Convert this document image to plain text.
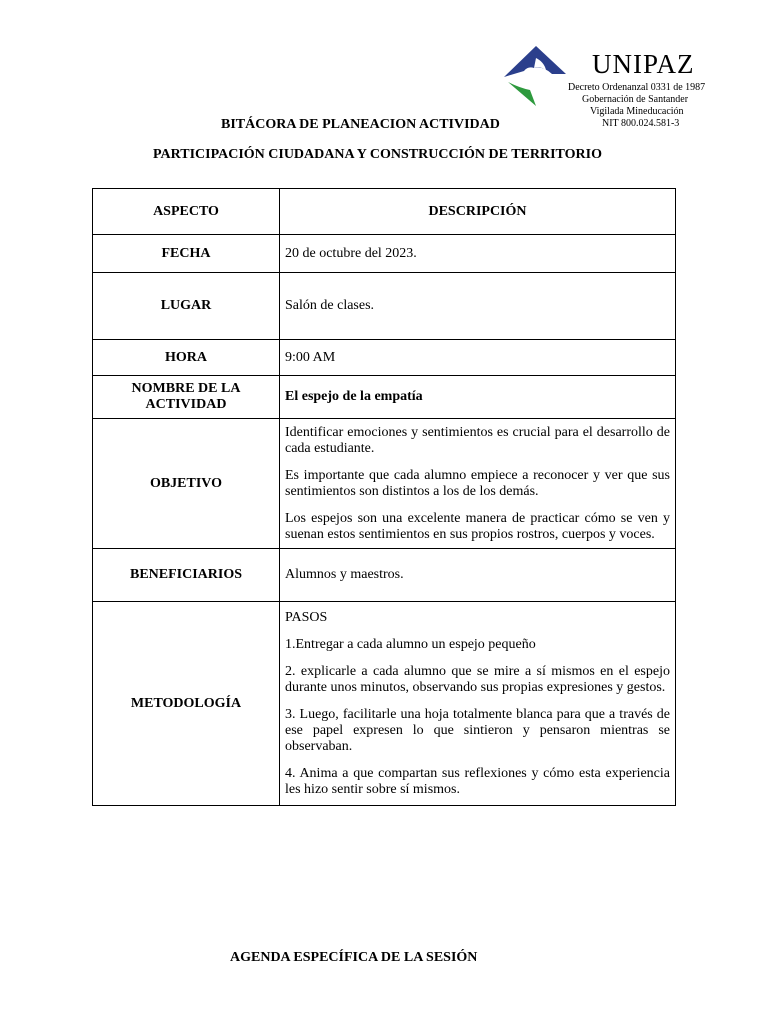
UNIPAZ
Decreto Ordenanzal 0331 de 1987
Gobernación de Santander
Vigilada Mineducación
NIT 800.024.581-3
BITÁCORA DE PLANEACION ACTIVIDAD
PARTICIPACIÓN CIUDADANA Y CONSTRUCCIÓN DE TERRITORIO
ASPECTO	DESCRIPCIÓN
FECHA	20 de octubre del 2023.
LUGAR	Salón de clases.
HORA	9:00 AM
NOMBRE DE LA ACTIVIDAD	El espejo de la empatía
OBJETIVO	Identificar emociones y sentimientos es crucial para el desarrollo de cada estudiante.

Es importante que cada alumno empiece a reconocer y ver que sus sentimientos son distintos a los de los demás.

Los espejos son una excelente manera de practicar cómo se ven y suenan estos sentimientos en sus propios rostros, cuerpos y voces.

BENEFICIARIOS	Alumnos y maestros.
METODOLOGÍA	PASOS

1.Entregar a cada alumno un espejo pequeño

2. explicarle a cada alumno que se mire a sí mismos en el espejo durante unos minutos, observando sus propias expresiones y gestos.

3. Luego, facilitarle una hoja totalmente blanca para que a través de ese papel expresen lo que sintieron y pensaron mientras se observaban.

4. Anima a que compartan sus reflexiones y cómo esta experiencia les hizo sentir sobre sí mismos.

AGENDA ESPECÍFICA DE LA SESIÓN
